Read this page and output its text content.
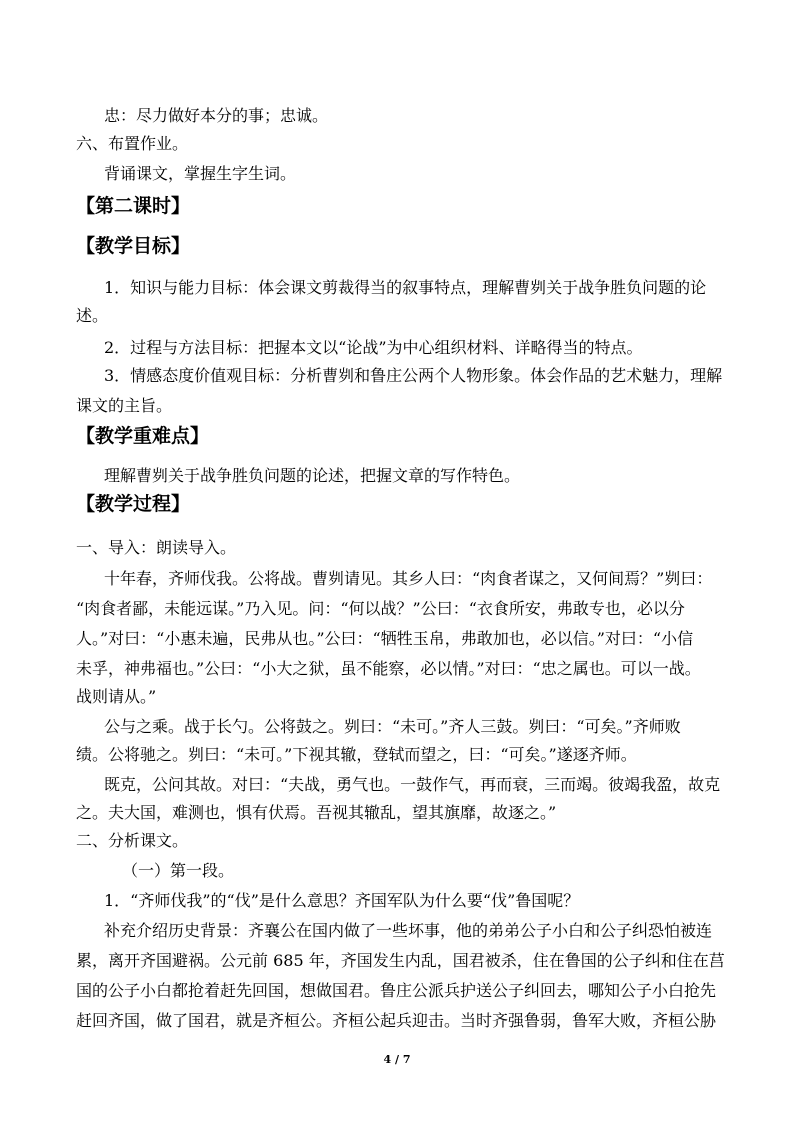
忠：尽力做好本分的事；忠诚。
六、布置作业。
背诵课文，掌握生字生词。
【第二课时】
【教学目标】
1．知识与能力目标：体会课文剪裁得当的叙事特点，理解曹刿关于战争胜负问题的论
述。
2．过程与方法目标：把握本文以“论战”为中心组织材料、详略得当的特点。
3．情感态度价值观目标：分析曹刿和鲁庄公两个人物形象。体会作品的艺术魅力，理解
课文的主旨。
【教学重难点】
理解曹刿关于战争胜负问题的论述，把握文章的写作特色。
【教学过程】
一、导入：朗读导入。
十年春，齐师伐我。公将战。曹刿请见。其乡人曰：“肉食者谋之，又何间焉？”刿曰：
“肉食者鄙，未能远谋。”乃入见。问：“何以战？”公曰：“衣食所安，弗敢专也，必以分
人。”对曰：“小惠未遍，民弗从也。”公曰：“牺牲玉帛，弗敢加也，必以信。”对曰：“小信
未孚，神弗福也。”公曰：“小大之狱，虽不能察，必以情。”对曰：“忠之属也。可以一战。
战则请从。”
公与之乘。战于长勺。公将鼓之。刿曰：“未可。”齐人三鼓。刿曰：“可矣。”齐师败
绩。公将驰之。刿曰：“未可。”下视其辙，登轼而望之，曰：“可矣。”遂逐齐师。
既克，公问其故。对曰：“夫战，勇气也。一鼓作气，再而衰，三而竭。彼竭我盈，故克
之。夫大国，难测也，惧有伏焉。吾视其辙乱，望其旗靡，故逐之。”
二、分析课文。
（一）第一段。
1．“齐师伐我”的“伐”是什么意思？齐国军队为什么要“伐”鲁国呢？
补充介绍历史背景：齐襄公在国内做了一些坏事，他的弟弟公子小白和公子纠恐怕被连
累，离开齐国避祸。公元前 685 年，齐国发生内乱，国君被杀，住在鲁国的公子纠和住在莒
国的公子小白都抢着赶先回国，想做国君。鲁庄公派兵护送公子纠回去，哪知公子小白抢先
赶回齐国，做了国君，就是齐桓公。齐桓公起兵迎击。当时齐强鲁弱，鲁军大败，齐桓公胁
4 / 7
